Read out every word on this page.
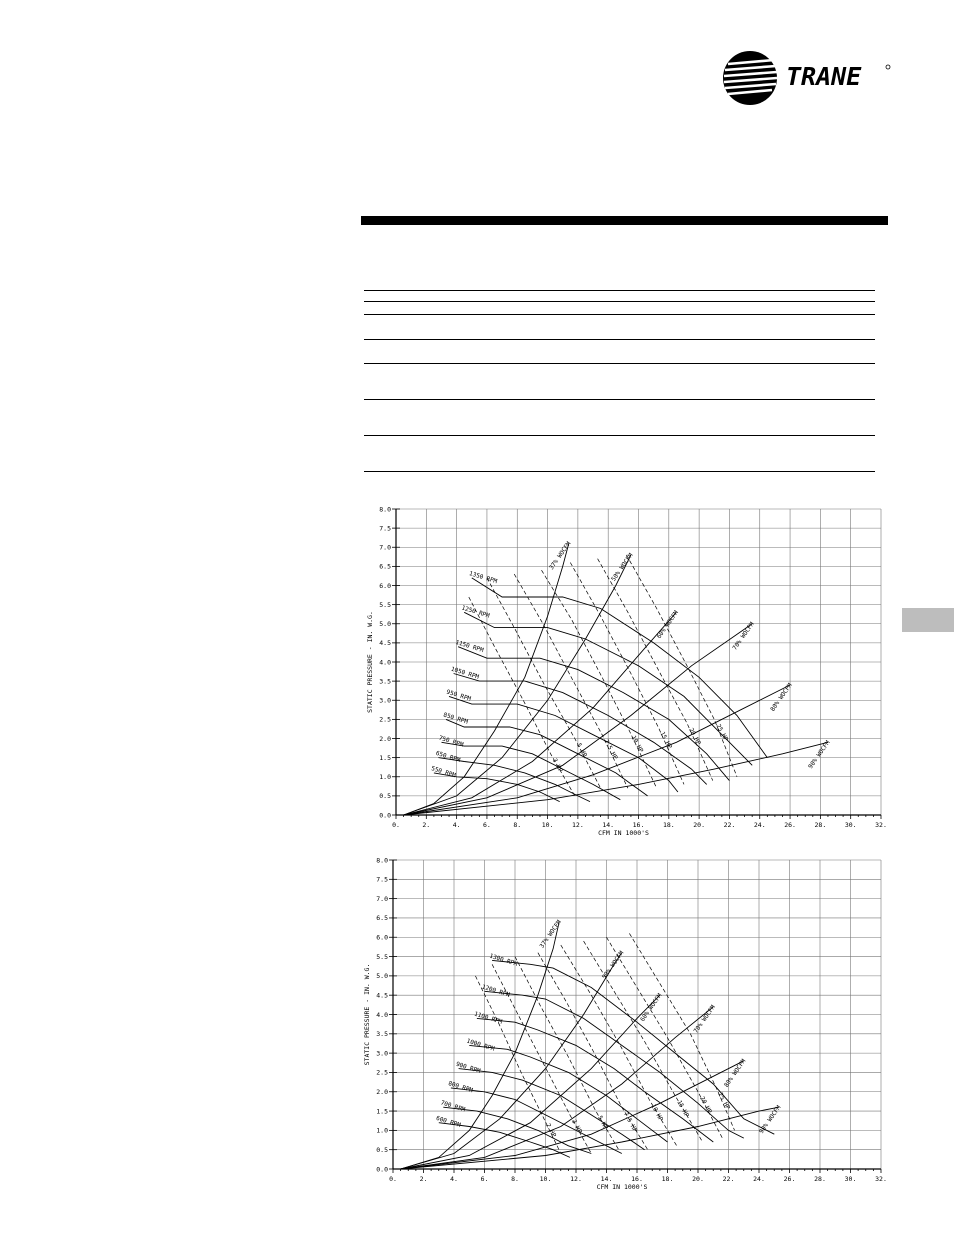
TRANE
0.	2.	4.	6.	8.	10.	12.	14.	16.	18.	20.	22.	24.	26.	28.	30.	32.
0.0
0.5
1.0
1.5
2.0
2.5
3.0
3.5
4.0
4.5
5.0
5.5
6.0
6.5
7.0
7.5
8.0
CFM IN 1000'S
STATIC PRESSURE - IN. W.G.
1350 RPM
1250 RPM
1150 RPM
1050 RPM
950 RPM
850 RPM
750 RPM
650 RPM
550 RPM
37% WOCFM	50% WOCFM
60% WOCFM	70% WOCFM
80% WOCFM
90% WOCFM
3 HP
5 HP 7.5 HP 10 HP 15 HP 20 HP 25 HP
0.	2.	4.	6.	8.	10.	12.	14.	16.	18.	20.	22.	24.	26.	28.	30.	32.
0.0
0.5
1.0
1.5
2.0
2.5
3.0
3.5
4.0
4.5
5.0
5.5
6.0
6.5
7.0
7.5
8.0
CFM IN 1000'S
STATIC PRESSURE - IN. W.G.
1300 RPM
1200 RPM
1100 RPM
1000 RPM
900 RPM
800 RPM
700 RPM
600 RPM
37% WOCFM
50% WOCFM
60% WOCFM	70% WOCFM
80% WOCFM
90% WOCFM
2 HP 3 HP 5 HP 7.5 HP 10 HP 15 HP 20 HP 25 HP
